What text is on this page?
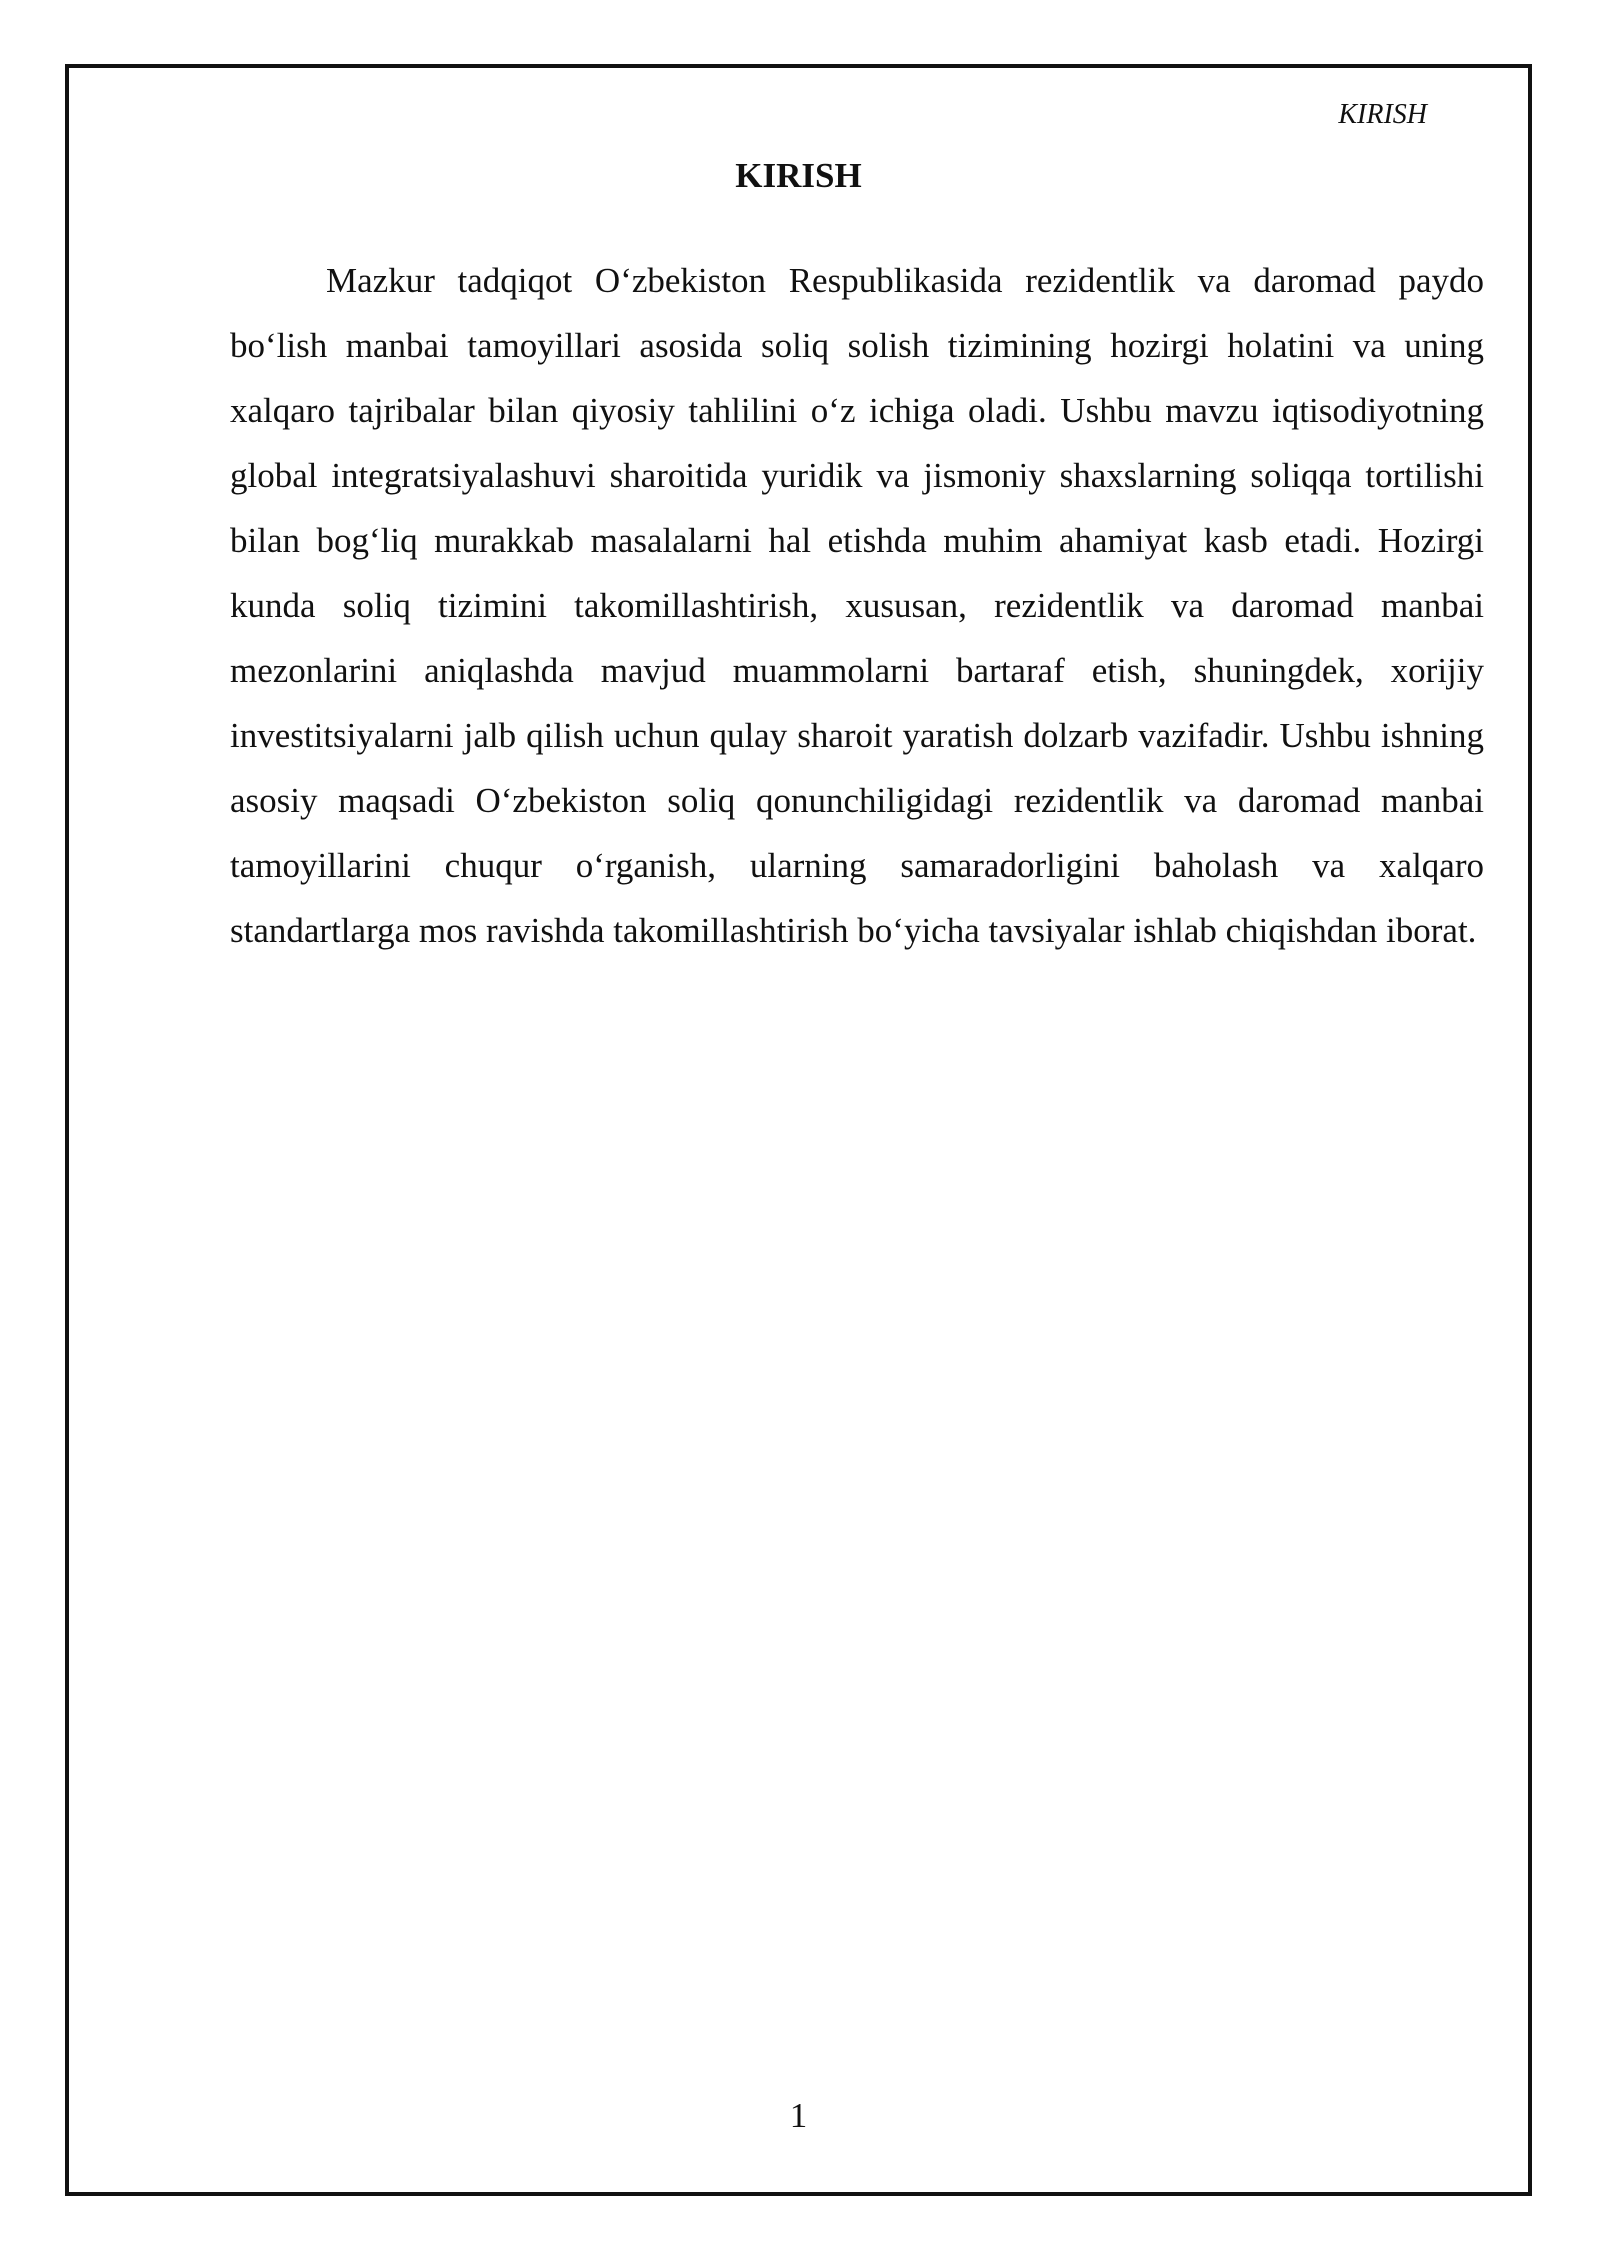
KIRISH
KIRISH

Mazkur tadqiqot O‘zbekiston Respublikasida rezidentlik va daromad paydo bo‘lish manbai tamoyillari asosida soliq solish tizimining hozirgi holatini va uning xalqaro tajribalar bilan qiyosiy tahlilini o‘z ichiga oladi. Ushbu mavzu iqtisodiyotning global integratsiyalashuvi sharoitida yuridik va jismoniy shaxslarning soliqqa tortilishi bilan bog‘liq murakkab masalalarni hal etishda muhim ahamiyat kasb etadi. Hozirgi kunda soliq tizimini takomillashtirish, xususan, rezidentlik va daromad manbai mezonlarini aniqlashda mavjud muammolarni bartaraf etish, shuningdek, xorijiy investitsiyalarni jalb qilish uchun qulay sharoit yaratish dolzarb vazifadir. Ushbu ishning asosiy maqsadi O‘zbekiston soliq qonunchiligidagi rezidentlik va daromad manbai tamoyillarini chuqur o‘rganish, ularning samaradorligini baholash va xalqaro standartlarga mos ravishda takomillashtirish bo‘yicha tavsiyalar ishlab chiqishdan iborat.

1
